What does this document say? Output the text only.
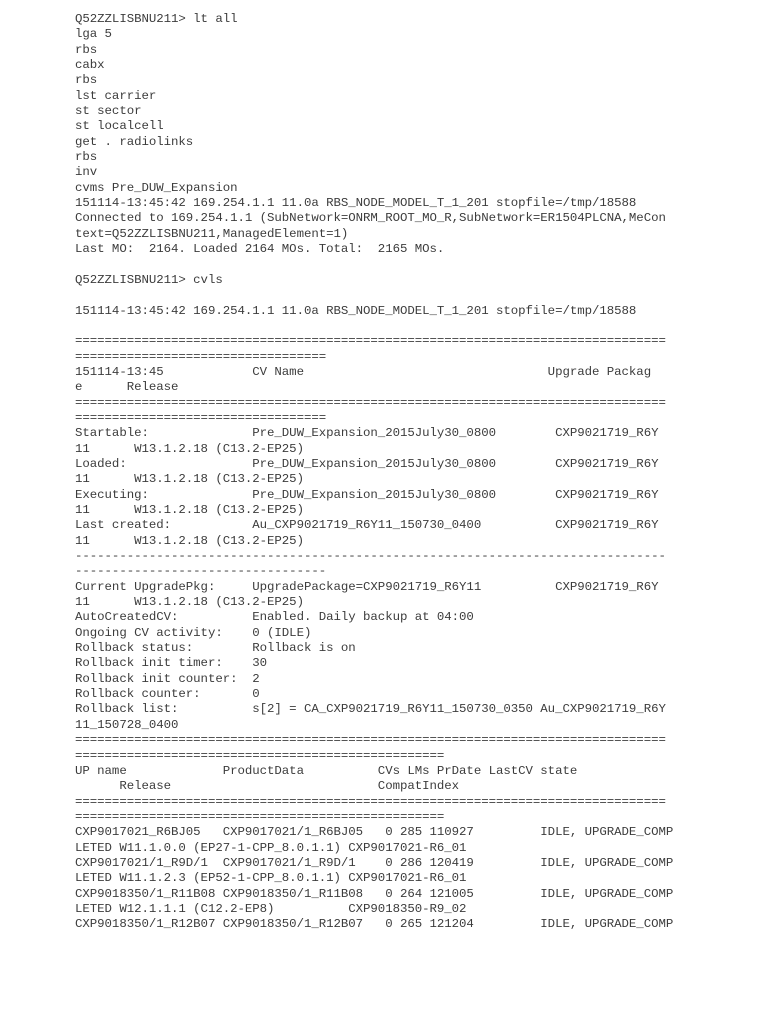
Q52ZZLISBNU211> lt all
lga 5
rbs
cabx
rbs
lst carrier
st sector
st localcell
get . radiolinks
rbs
inv
cvms Pre_DUW_Expansion
151114-13:45:42 169.254.1.1 11.0a RBS_NODE_MODEL_T_1_201 stopfile=/tmp/18588
Connected to 169.254.1.1 (SubNetwork=ONRM_ROOT_MO_R,SubNetwork=ER1504PLCNA,MeCon
text=Q52ZZLISBNU211,ManagedElement=1)
Last MO:  2164. Loaded 2164 MOs. Total:  2165 MOs.
Q52ZZLISBNU211> cvls
151114-13:45:42 169.254.1.1 11.0a RBS_NODE_MODEL_T_1_201 stopfile=/tmp/18588
================================================================================
==================================
151114-13:45            CV Name                                 Upgrade Packag
e      Release
================================================================================
==================================
Startable:              Pre_DUW_Expansion_2015July30_0800        CXP9021719_R6Y
11      W13.1.2.18 (C13.2-EP25)
Loaded:                 Pre_DUW_Expansion_2015July30_0800        CXP9021719_R6Y
11      W13.1.2.18 (C13.2-EP25)
Executing:              Pre_DUW_Expansion_2015July30_0800        CXP9021719_R6Y
11      W13.1.2.18 (C13.2-EP25)
Last created:           Au_CXP9021719_R6Y11_150730_0400          CXP9021719_R6Y
11      W13.1.2.18 (C13.2-EP25)
--------------------------------------------------------------------------------
----------------------------------
Current UpgradePkg:     UpgradePackage=CXP9021719_R6Y11          CXP9021719_R6Y
11      W13.1.2.18 (C13.2-EP25)
AutoCreatedCV:          Enabled. Daily backup at 04:00
Ongoing CV activity:    0 (IDLE)
Rollback status:        Rollback is on
Rollback init timer:    30
Rollback init counter:  2
Rollback counter:       0
Rollback list:          s[2] = CA_CXP9021719_R6Y11_150730_0350 Au_CXP9021719_R6Y
11_150728_0400
================================================================================
==================================================
UP name             ProductData          CVs LMs PrDate LastCV state
Release                            CompatIndex
================================================================================
==================================================
CXP9017021_R6BJ05   CXP9017021/1_R6BJ05   0 285 110927         IDLE, UPGRADE_COMP
LETED W11.1.0.0 (EP27-1-CPP_8.0.1.1) CXP9017021-R6_01
CXP9017021/1_R9D/1  CXP9017021/1_R9D/1    0 286 120419         IDLE, UPGRADE_COMP
LETED W11.1.2.3 (EP52-1-CPP_8.0.1.1) CXP9017021-R6_01
CXP9018350/1_R11B08 CXP9018350/1_R11B08   0 264 121005         IDLE, UPGRADE_COMP
LETED W12.1.1.1 (C12.2-EP8)          CXP9018350-R9_02
CXP9018350/1_R12B07 CXP9018350/1_R12B07   0 265 121204         IDLE, UPGRADE_COMP
